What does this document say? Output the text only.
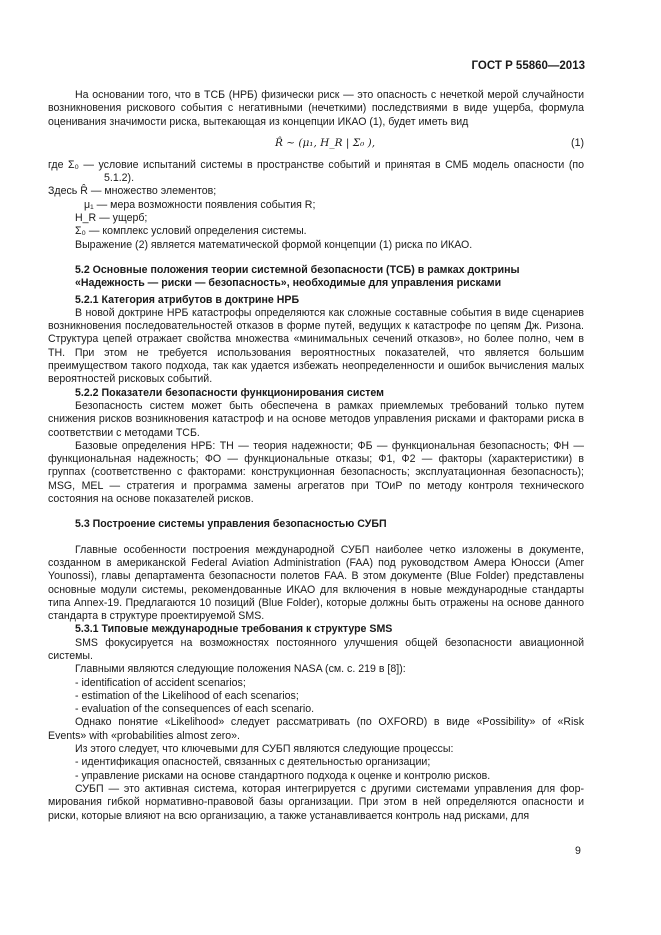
ГОСТ Р 55860—2013

На основании того, что в ТСБ (НРБ) физически риск — это опасность с нечеткой мерой случайности возникновения рискового события с негативными (нечеткими) последствиями в виде ущерба, формула оценивания значимости риска, вытекающая из концепции ИКАО (1), будет иметь вид

R̂ ~ (μ₁, H_R | Σ₀ ),	(1)

где Σ₀ — условие испытаний системы в пространстве событий и принятая в СМБ модель опасности (по 5.1.2).

Здесь R̂ — множество элементов;

μ₁ — мера возможности появления события R;

H_R — ущерб;

Σ₀ — комплекс условий определения системы.

Выражение (2) является математической формой концепции (1) риска по ИКАО.

5.2 Основные положения теории системной безопасности (ТСБ) в рамках доктрины

«Надежность — риски — безопасность», необходимые для управления рисками

5.2.1 Категория атрибутов в доктрине НРБ

В новой доктрине НРБ катастрофы определяются как сложные составные события в виде сценариев возникновения последовательностей отказов в форме путей, ведущих к катастрофе по цепям Дж. Ризона. Структура цепей отражает свойства множества «минимальных сечений отказов», но более полно, чем в ТН. При этом не требуется использования вероятностных показателей, что является большим преимуществом такого подхода, так как удается избежать неопределенности и ошибок вычисления малых вероятностей рисковых событий.

5.2.2 Показатели безопасности функционирования систем

Безопасность систем может быть обеспечена в рамках приемлемых требований только путем снижения рисков возникновения катастроф и на основе методов управления рисками и факторами риска в соответствии с методами ТСБ.

Базовые определения НРБ: ТН — теория надежности; ФБ — функциональная безопасность; ФН — функциональная надежность; ФО — функциональные отказы; Ф1, Ф2 — факторы (характеристики) в группах (соответственно с факторами: конструкционная безопасность; эксплуатационная безопасность); MSG, MEL — стратегия и программа замены агрегатов при ТОиР по методу контроля технического состояния на основе показателей рисков.

5.3 Построение системы управления безопасностью СУБП

Главные особенности построения международной СУБП наиболее четко изложены в документе, созданном в американской Federal Aviation Administration (FAA) под руководством Амера Юносси (Amer Younossi), главы департамента безопасности полетов FAA. В этом документе (Blue Folder) представлены основные модули системы, рекомендованные ИКАО для включения в новые международные стандарты типа Annex-19. Предлагаются 10 позиций (Blue Folder), которые должны быть отражены на основе данного стандарта в структуре проектируемой SMS.

5.3.1 Типовые международные требования к структуре SMS

SMS фокусируется на возможностях постоянного улучшения общей безопасности авиационной системы.

Главными являются следующие положения NASA (см. с. 219 в [8]):

- identification of accident scenarios;

- estimation of the Likelihood of each scenarios;

- evaluation of the consequences of each scenario.

Однако понятие «Likelihood» следует рассматривать (по OXFORD) в виде «Possibility» of «Risk Events» with «probabilities almost zero».

Из этого следует, что ключевыми для СУБП являются следующие процессы:

- идентификация опасностей, связанных с деятельностью организации;

- управление рисками на основе стандартного подхода к оценке и контролю рисков.

СУБП — это активная система, которая интегрируется с другими системами управления для формирования гибкой нормативно-правовой базы организации. При этом в ней определяются опасности и риски, которые влияют на всю организацию, а также устанавливается контроль над рисками, для

9
